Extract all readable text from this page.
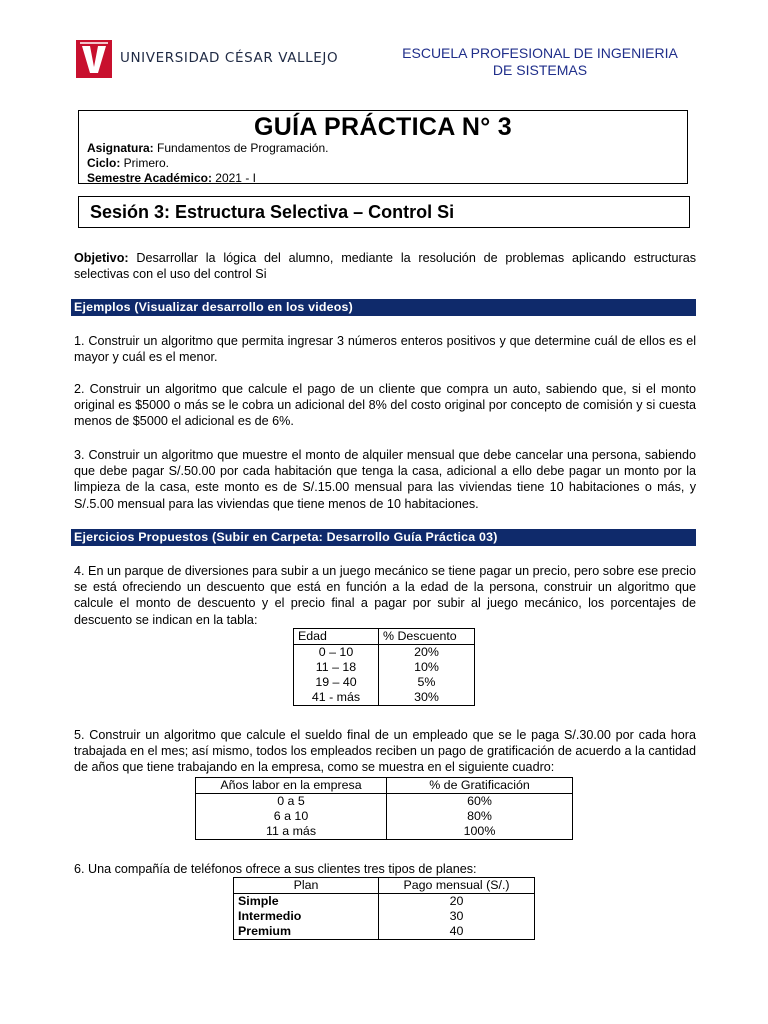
UNIVERSIDAD CÉSAR VALLEJO	ESCUELA PROFESIONAL DE INGENIERIA
DE SISTEMAS
GUÍA PRÁCTICA N° 3
Asignatura: Fundamentos de Programación.
Ciclo: Primero.
Semestre Académico: 2021 - I
Sesión 3: Estructura Selectiva – Control Si
Objetivo: Desarrollar la lógica del alumno, mediante la resolución de problemas aplicando estructuras selectivas con el uso del control Si
Ejemplos (Visualizar desarrollo en los videos)
1. Construir un algoritmo que permita ingresar 3 números enteros positivos y que determine cuál de ellos es el mayor y cuál es el menor.
2. Construir un algoritmo que calcule el pago de un cliente que compra un auto, sabiendo que, si el monto original es $5000 o más se le cobra un adicional del 8% del costo original por concepto de comisión y si cuesta menos de $5000 el adicional es de 6%.
3. Construir un algoritmo que muestre el monto de alquiler mensual que debe cancelar una persona, sabiendo que debe pagar S/.50.00 por cada habitación que tenga la casa, adicional a ello debe pagar un monto por la limpieza de la casa, este monto es de S/.15.00 mensual para las viviendas tiene 10 habitaciones o más, y S/.5.00 mensual para las viviendas que tiene menos de 10 habitaciones.
Ejercicios Propuestos (Subir en Carpeta: Desarrollo Guía Práctica 03)
4. En un parque de diversiones para subir a un juego mecánico se tiene pagar un precio, pero sobre ese precio se está ofreciendo un descuento que está en función a la edad de la persona, construir un algoritmo que calcule el monto de descuento y el precio final a pagar por subir al juego mecánico, los porcentajes de descuento se indican en la tabla:
Edad	% Descuento
0 – 10	20%
11 – 18	10%
19 – 40	5%
41 - más	30%
5. Construir un algoritmo que calcule el sueldo final de un empleado que se le paga S/.30.00 por cada hora trabajada en el mes; así mismo, todos los empleados reciben un pago de gratificación de acuerdo a la cantidad de años que tiene trabajando en la empresa, como se muestra en el siguiente cuadro:
Años labor en la empresa	% de Gratificación
0 a 5	60%
6 a 10	80%
11 a más	100%
6. Una compañía de teléfonos ofrece a sus clientes tres tipos de planes:
Plan	Pago mensual (S/.)
Simple	20
Intermedio	30
Premium	40
